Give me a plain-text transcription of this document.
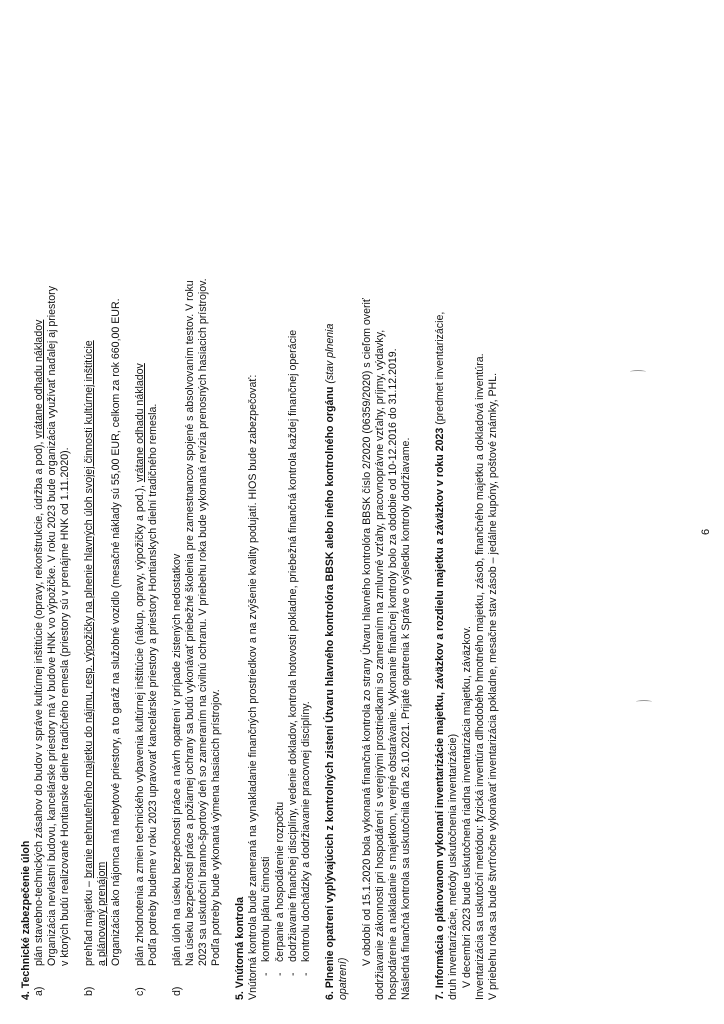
4. Technické zabezpečenie úloh a)

plán stavebno-technických zásahov do budov v správe kultúrnej inštitúcie (opravy, rekonštrukcie, údržba a pod), vrátane odhadu nákladov Organizácia nevlastní budovu, kancelárske priestory má v budove HNK vo výpožičke. V roku 2023 bude organizácia využívať naďalej aj priestory v ktorých budú realizované Hontianske dielne tradičného remesla (priestory sú v prenájme HNK od 1.11.2020).

b)

prehľad majetku – branie nehnuteľného majetku do nájmu, resp. výpožičky na plnenie hlavných úloh svojej činnosti kultúrnej inštitúcie

a plánovaný prenájom Organizácia ako nájomca má nebytové priestory, a to garáž na služobné vozidlo (mesačné náklady sú 55,00 EUR, celkom za rok 660,00 EUR.

c)

plán zhodnotenia a zmien technického vybavenia kultúrnej inštitúcie (nákup, opravy, výpožičky a pod.), vrátane odhadu nákladov Podľa potreby budeme v roku 2023 upravovať kancelárske priestory a priestory Hontianskych dielní tradičného remesla.

d)

plán úloh na úseku bezpečnosti práce a návrh opatrení v prípade zistených nedostatkov Na úseku bezpečnosti práce a požiarnej ochrany sa budú vykonávať priebežné školenia pre zamestnancov spojené s absolvovaním testov. V roku 2023 sa uskutoční branno-športový deň so zameraním na civilnú ochranu. V priebehu roka bude vykonaná revízia prenosných hasiacich prístrojov. Podľa potreby bude vykonaná výmena hasiacich prístrojov. 5. Vnútorná kontrola Vnútorná kontrola bude zameraná na vynakladanie finančných prostriedkov a na zvýšenie kvality podujatí. HIOS bude zabezpečovať: -
kontrolu plánu činnosti
-
čerpanie a hospodárenie rozpočtu
-
dodržiavanie finančnej disciplíny, vedenie dokladov, kontrola hotovosti pokladne, priebežná finančná kontrola každej finančnej operácie
-
kontrolu dochádzky a dodržiavanie pracovnej disciplíny. 6. Plnenie opatrení vyplývajúcich z kontrolných zistení Útvaru hlavného kontrolóra BBSK alebo iného kontrolného orgánu (stav plnenia

opatrení)

V období od 15.1.2020 bola vykonaná finančná kontrola zo strany Útvaru hlavného kontrolóra BBSK číslo 2/2020 (06359/2020) s cieľom overiť dodržiavanie zákonnosti pri hospodárení s verejnými prostriedkami so zameraním na zmluvné vzťahy, pracovnoprávne vzťahy, príjmy, výdavky, hospodárenie a nakladanie s majetkom, verejné obstarávanie. Vykonanie finančnej kontroly bolo za obdobie od 10-12.2016 do 31.12.2019. Následná finančná kontrola sa uskutočnila dňa 26.10.2021. Prijaté opatrenia k Správe o výsledku kontroly dodržiavame. 7. Informácia o plánovanom vykonaní inventarizácie majetku, záväzkov a rozdielu majetku a záväzkov v roku 2023 (predmet inventarizácie,

druh inventarizácie, metódy uskutočnenia inventarizácie) V decembri 2023 bude uskutočnená riadna inventarizácia majetku, záväzkov. Inventarizácia sa uskutoční metódou: fyzická inventúra dlhodobého hmotného majetku, zásob, finančného majetku a dokladová inventúra. V priebehu roka sa bude štvrťročne vykonávať inventarizácia pokladne, mesačne stav zásob – jedálne kupóny, poštové známky, PHL.	6
